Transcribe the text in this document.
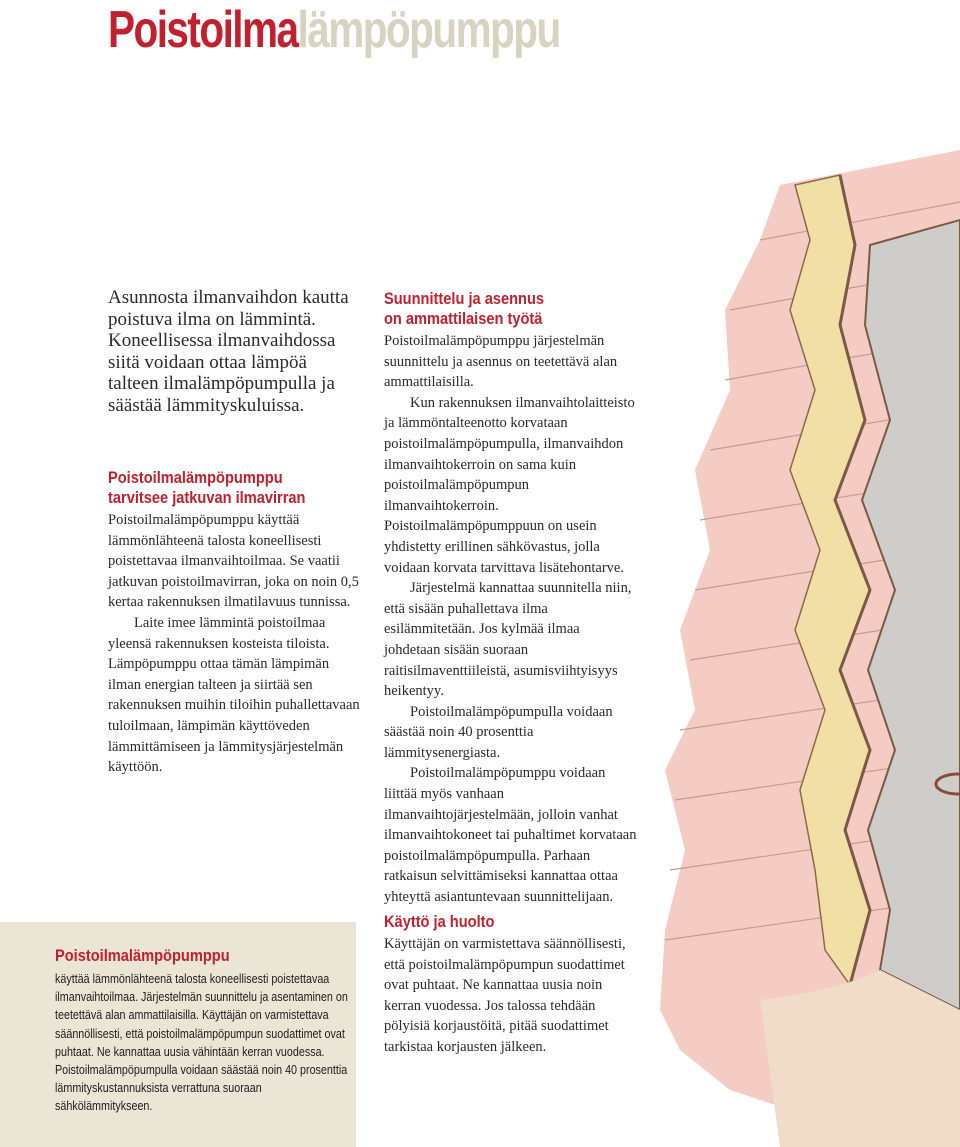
Poistoilmalämpöpumppu

Asunnosta ilmanvaihdon kautta poistuva ilma on lämmintä. Koneellisessa ilmanvaihdossa siitä voidaan ottaa lämpöä talteen ilmalämpöpumpulla ja säästää lämmityskuluissa.

Poistoilmalämpöpumppu
tarvitsee jatkuvan ilmavirran

Poistoilmalämpöpumppu käyttää lämmönlähteenä talosta koneellisesti poistettavaa ilmanvaihtoilmaa. Se vaatii jatkuvan poistoilmavirran, joka on noin 0,5 kertaa rakennuksen ilmatilavuus tunnissa.

Laite imee lämmintä poistoilmaa yleensä rakennuksen kosteista tiloista. Lämpöpumppu ottaa tämän lämpimän ilman energian talteen ja siirtää sen rakennuksen muihin tiloihin puhallettavaan tuloilmaan, lämpimän käyttöveden lämmittämiseen ja lämmitysjärjestelmän käyttöön.

Suunnittelu ja asennus
on ammattilaisen työtä

Poistoilmalämpöpumppu järjestelmän suunnittelu ja asennus on teetettävä alan ammattilaisilla.

Kun rakennuksen ilmanvaihtolaitteisto ja lämmöntalteenotto korvataan poistoilmalämpöpumpulla, ilmanvaihdon ilmanvaihtokerroin on sama kuin poistoilmalämpöpumpun ilmanvaihtokerroin. Poistoilmalämpöpumppuun on usein yhdistetty erillinen sähkövastus, jolla voidaan korvata tarvittava lisätehontarve.

Järjestelmä kannattaa suunnitella niin, että sisään puhallettava ilma esilämmitetään. Jos kylmää ilmaa johdetaan sisään suoraan raitisilmaventtiileistä, asumisviihtyisyys heikentyy.

Poistoilmalämpöpumpulla voidaan säästää noin 40 prosenttia lämmitysenergiasta.

Poistoilmalämpöpumppu voidaan liittää myös vanhaan ilmanvaihtojärjestelmään, jolloin vanhat ilmanvaihtokoneet tai puhaltimet korvataan poistoilmalämpöpumpulla. Parhaan ratkaisun selvittämiseksi kannattaa ottaa yhteyttä asiantuntevaan suunnittelijaan.

Käyttö ja huolto

Käyttäjän on varmistettava säännöllisesti, että poistoilmalämpöpumpun suodattimet ovat puhtaat. Ne kannattaa uusia noin kerran vuodessa. Jos talossa tehdään pölyisiä korjaustöitä, pitää suodattimet tarkistaa korjausten jälkeen.

Poistoilmalämpöpumppu
käyttää lämmönlähteenä talosta koneellisesti poistettavaa ilmanvaihtoilmaa. Järjestelmän suunnittelu ja asentaminen on teetettävä alan ammattilaisilla. Käyttäjän on varmistettava säännöllisesti, että poistoilmalämpöpumpun suodattimet ovat puhtaat. Ne kannattaa uusia vähintään kerran vuodessa. Poistoilmalämpöpumpulla voidaan säästää noin 40 prosenttia lämmityskustannuksista verrattuna suoraan sähkölämmitykseen.
